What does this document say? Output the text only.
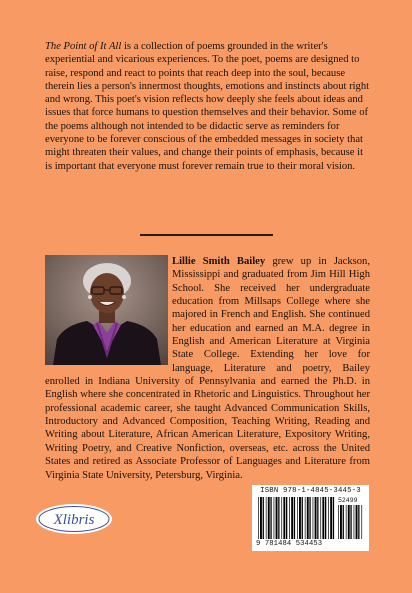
The Point of It All is a collection of poems grounded in the writer's experiential and vicarious experiences. To the poet, poems are designed to raise, respond and react to points that reach deep into the soul, because therein lies a person's innermost thoughts, emotions and instincts about right and wrong. This poet's vision reflects how deeply she feels about ideas and issues that force humans to question themselves and their behavior. Some of the poems although not intended to be didactic serve as reminders for everyone to be forever conscious of the embedded messages in society that might threaten their values, and change their points of emphasis, because it is important that everyone must forever remain true to their moral vision.

Lillie Smith Bailey grew up in Jackson, Mississippi and graduated from Jim Hill High School. She received her undergraduate education from Millsaps College where she majored in French and English. She continued her education and earned an M.A. degree in English and American Literature at Virginia State College. Extending her love for language, Literature and poetry, Bailey enrolled in Indiana University of Pennsylvania and earned the Ph.D. in English where she concentrated in Rhetoric and Linguistics. Throughout her professional academic career, she taught Advanced Communication Skills, Introductory and Advanced Composition, Teaching Writing, Reading and Writing about Literature, African American Literature, Expository Writing, Writing Poetry, and Creative Nonfiction, overseas, etc. across the United States and retired as Associate Professor of Languages and Literature from Virginia State University, Petersburg, Virginia.

Xlibris
ISBN 978-1-4845-3445-3
52499
9 781484 534453
